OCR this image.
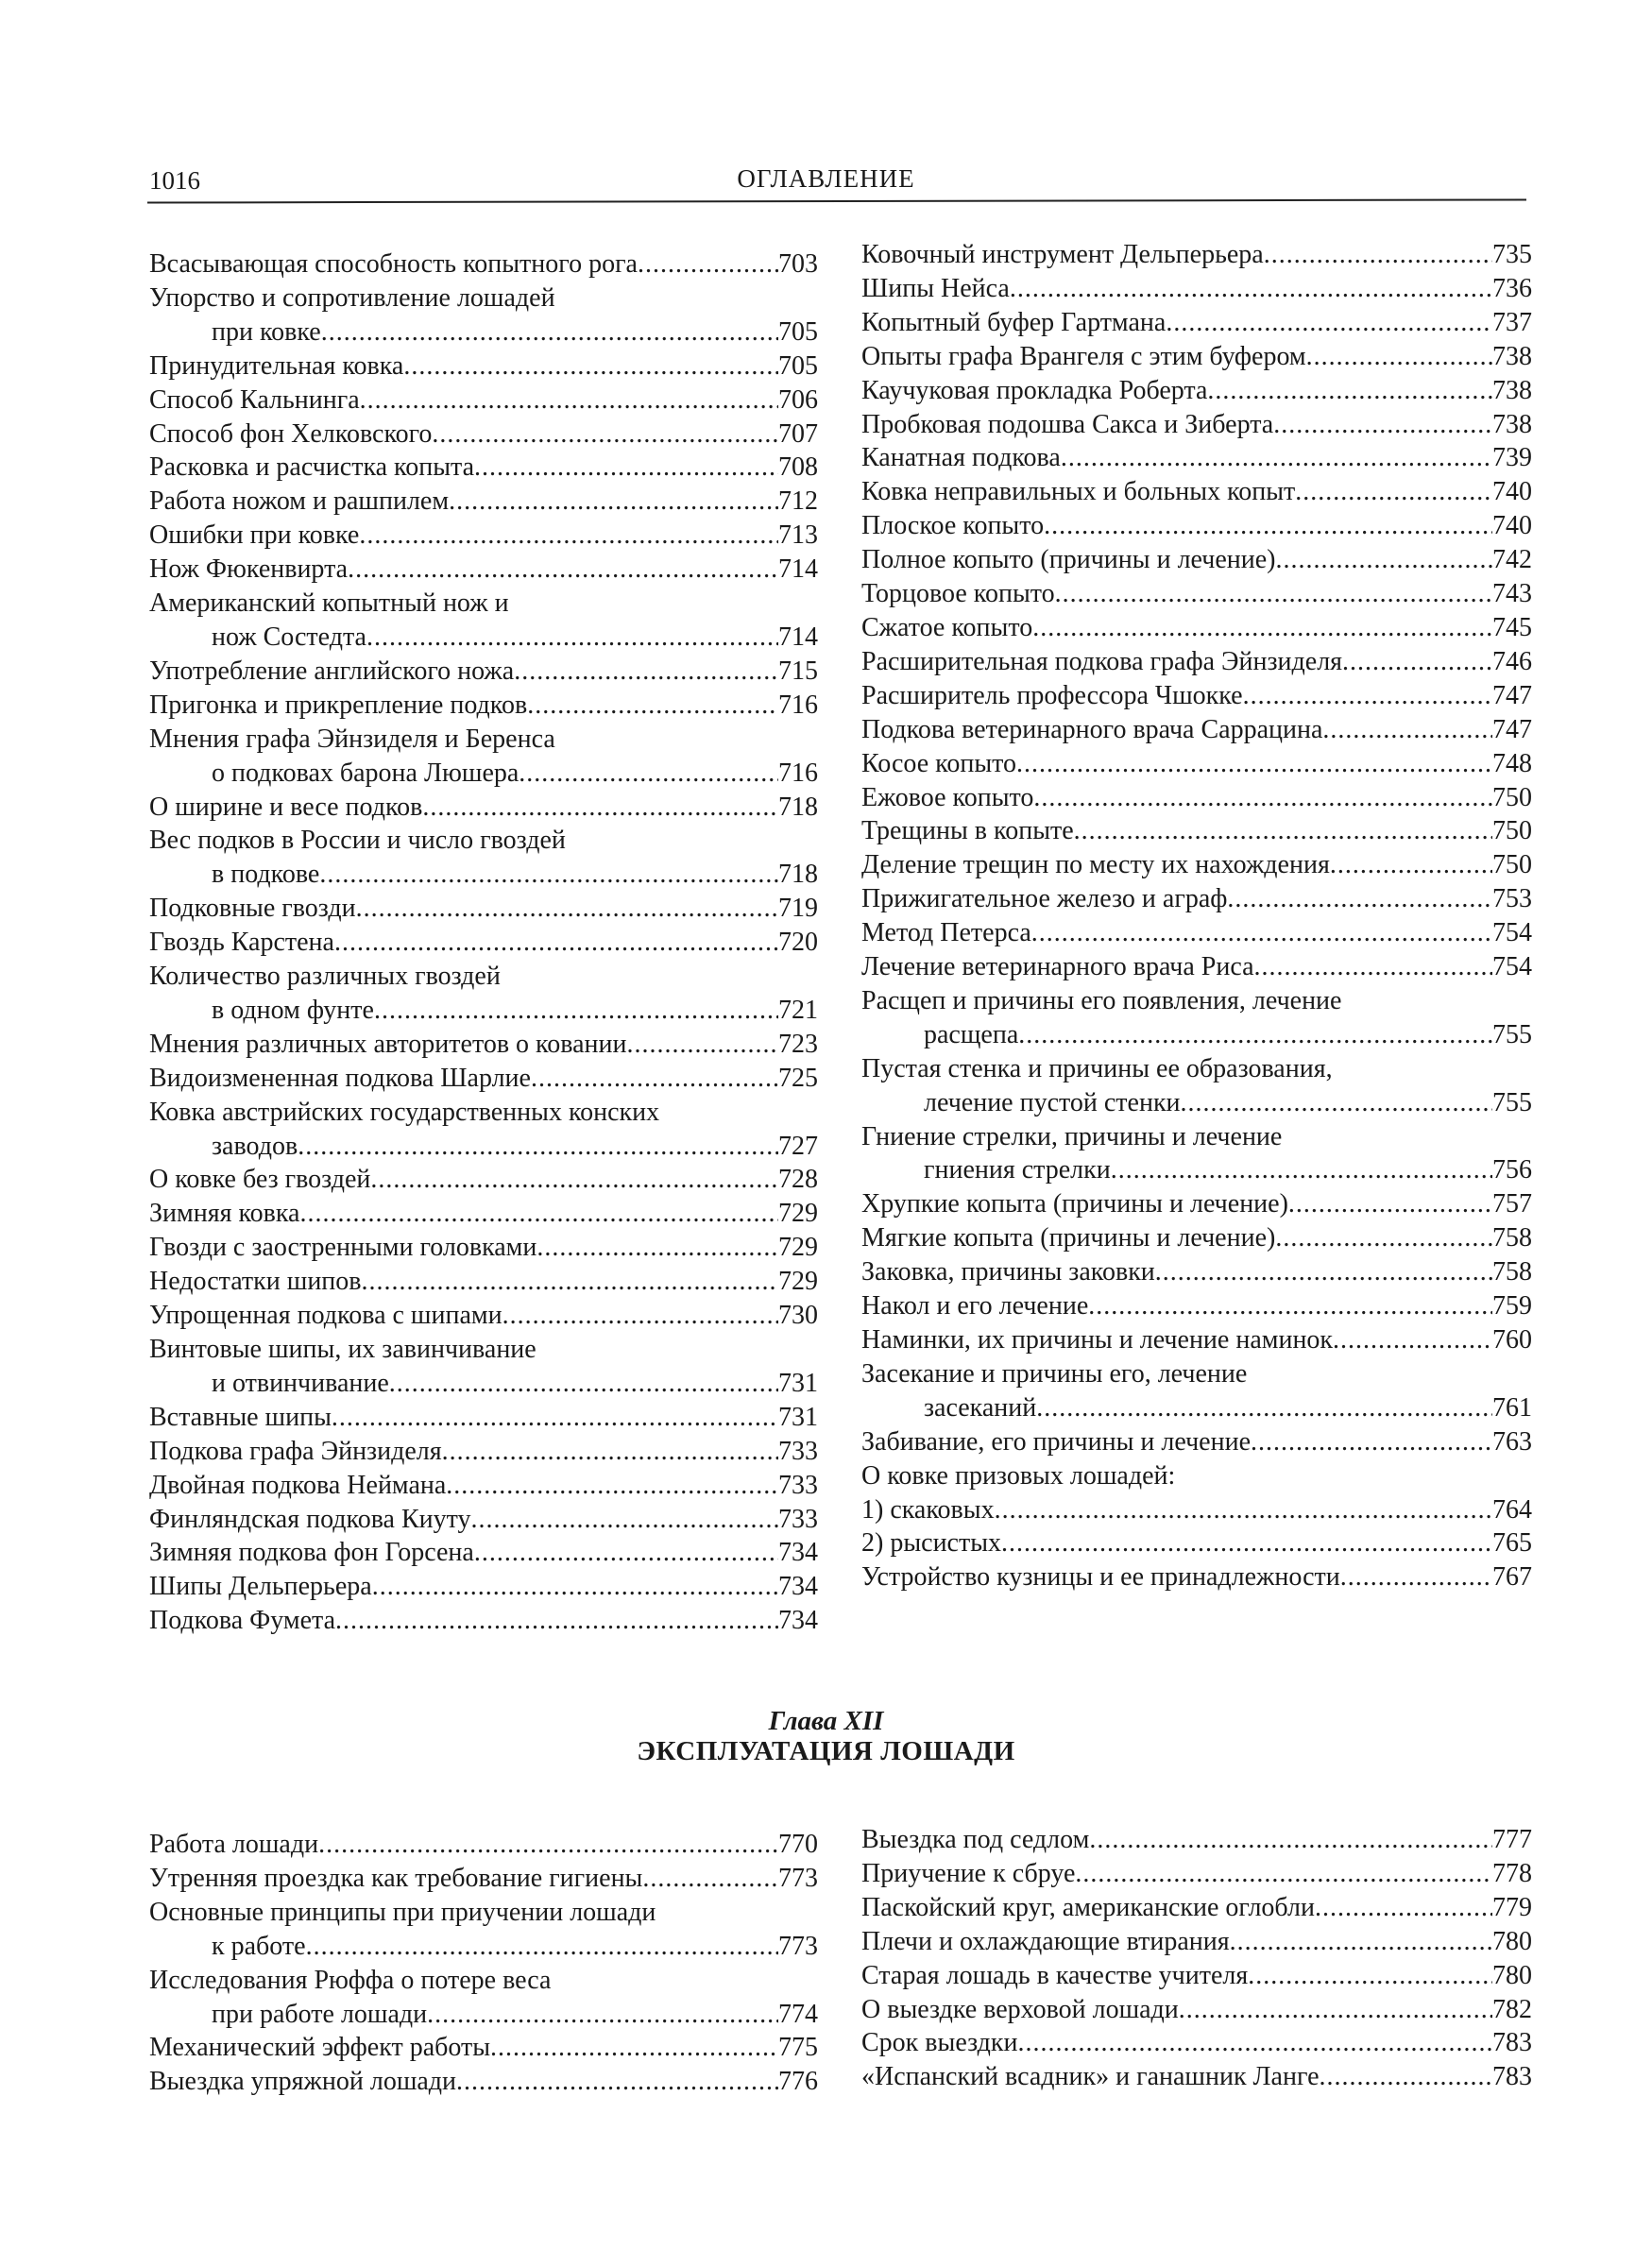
1016	ОГЛАВЛЕНИЕ
Всасывающая способность копытного рога .....	703
Упорство и сопротивление лошадей
при ковке .....	705
Принудительная ковка .....	705
Способ Кальнинга .....	706
Способ фон Хелковского .....	707
Расковка и расчистка копыта .....	708
Работа ножом и рашпилем .....	712
Ошибки при ковке .....	713
Нож Фюкенвирта .....	714
Американский копытный нож и
нож Состедта .....	714
Употребление английского ножа .....	715
Пригонка и прикрепление подков .....	716
Мнения графа Эйнзиделя и Беренса
о подковах барона Люшера .....	716
О ширине и весе подков .....	718
Вес подков в России и число гвоздей
в подкове .....	718
Подковные гвозди .....	719
Гвоздь Карстена .....	720
Количество различных гвоздей
в одном фунте .....	721
Мнения различных авторитетов о ковании .....	723
Видоизмененная подкова Шарлие .....	725
Ковка австрийских государственных конских
заводов .....	727
О ковке без гвоздей .....	728
Зимняя ковка .....	729
Гвозди с заостренными головками .....	729
Недостатки шипов .....	729
Упрощенная подкова с шипами .....	730
Винтовые шипы, их завинчивание
и отвинчивание .....	731
Вставные шипы .....	731
Подкова графа Эйнзиделя .....	733
Двойная подкова Неймана .....	733
Финляндская подкова Киуту .....	733
Зимняя подкова фон Горсена .....	734
Шипы Дельперьера .....	734
Подкова Фумета .....	734
Ковочный инструмент Дельперьера .....	735
Шипы Нейса .....	736
Копытный буфер Гартмана .....	737
Опыты графа Врангеля с этим буфером .....	738
Каучуковая прокладка Роберта .....	738
Пробковая подошва Сакса и Зиберта .....	738
Канатная подкова .....	739
Ковка неправильных и больных копыт .....	740
Плоское копыто .....	740
Полное копыто (причины и лечение) .....	742
Торцовое копыто .....	743
Сжатое копыто .....	745
Расширительная подкова графа Эйнзиделя .....	746
Расширитель профессора Чшокке .....	747
Подкова ветеринарного врача Саррацина .....	747
Косое копыто .....	748
Ежовое копыто .....	750
Трещины в копыте .....	750
Деление трещин по месту их нахождения .....	750
Прижигательное железо и аграф .....	753
Метод Петерса .....	754
Лечение ветеринарного врача Риса .....	754
Расщеп и причины его появления, лечение
расщепа .....	755
Пустая стенка и причины ее образования,
лечение пустой стенки .....	755
Гниение стрелки, причины и лечение
гниения стрелки .....	756
Хрупкие копыта (причины и лечение) .....	757
Мягкие копыта (причины и лечение) .....	758
Заковка, причины заковки .....	758
Накол и его лечение .....	759
Наминки, их причины и лечение наминок .....	760
Засекание и причины его, лечение
засеканий .....	761
Забивание, его причины и лечение .....	763
О ковке призовых лошадей:
1) скаковых .....	764
2) рысистых .....	765
Устройство кузницы и ее принадлежности .....	767
Глава XII
ЭКСПЛУАТАЦИЯ ЛОШАДИ
Работа лошади .....	770
Утренняя проездка как требование гигиены .....	773
Основные принципы при приучении лошади
к работе .....	773
Исследования Рюффа о потере веса
при работе лошади .....	774
Механический эффект работы .....	775
Выездка упряжной лошади .....	776
Выездка под седлом .....	777
Приучение к сбруе .....	778
Паскойский круг, американские оглобли .....	779
Плечи и охлаждающие втирания .....	780
Старая лошадь в качестве учителя .....	780
О выездке верховой лошади .....	782
Срок выездки .....	783
«Испанский всадник» и ганашник Ланге .....	783
